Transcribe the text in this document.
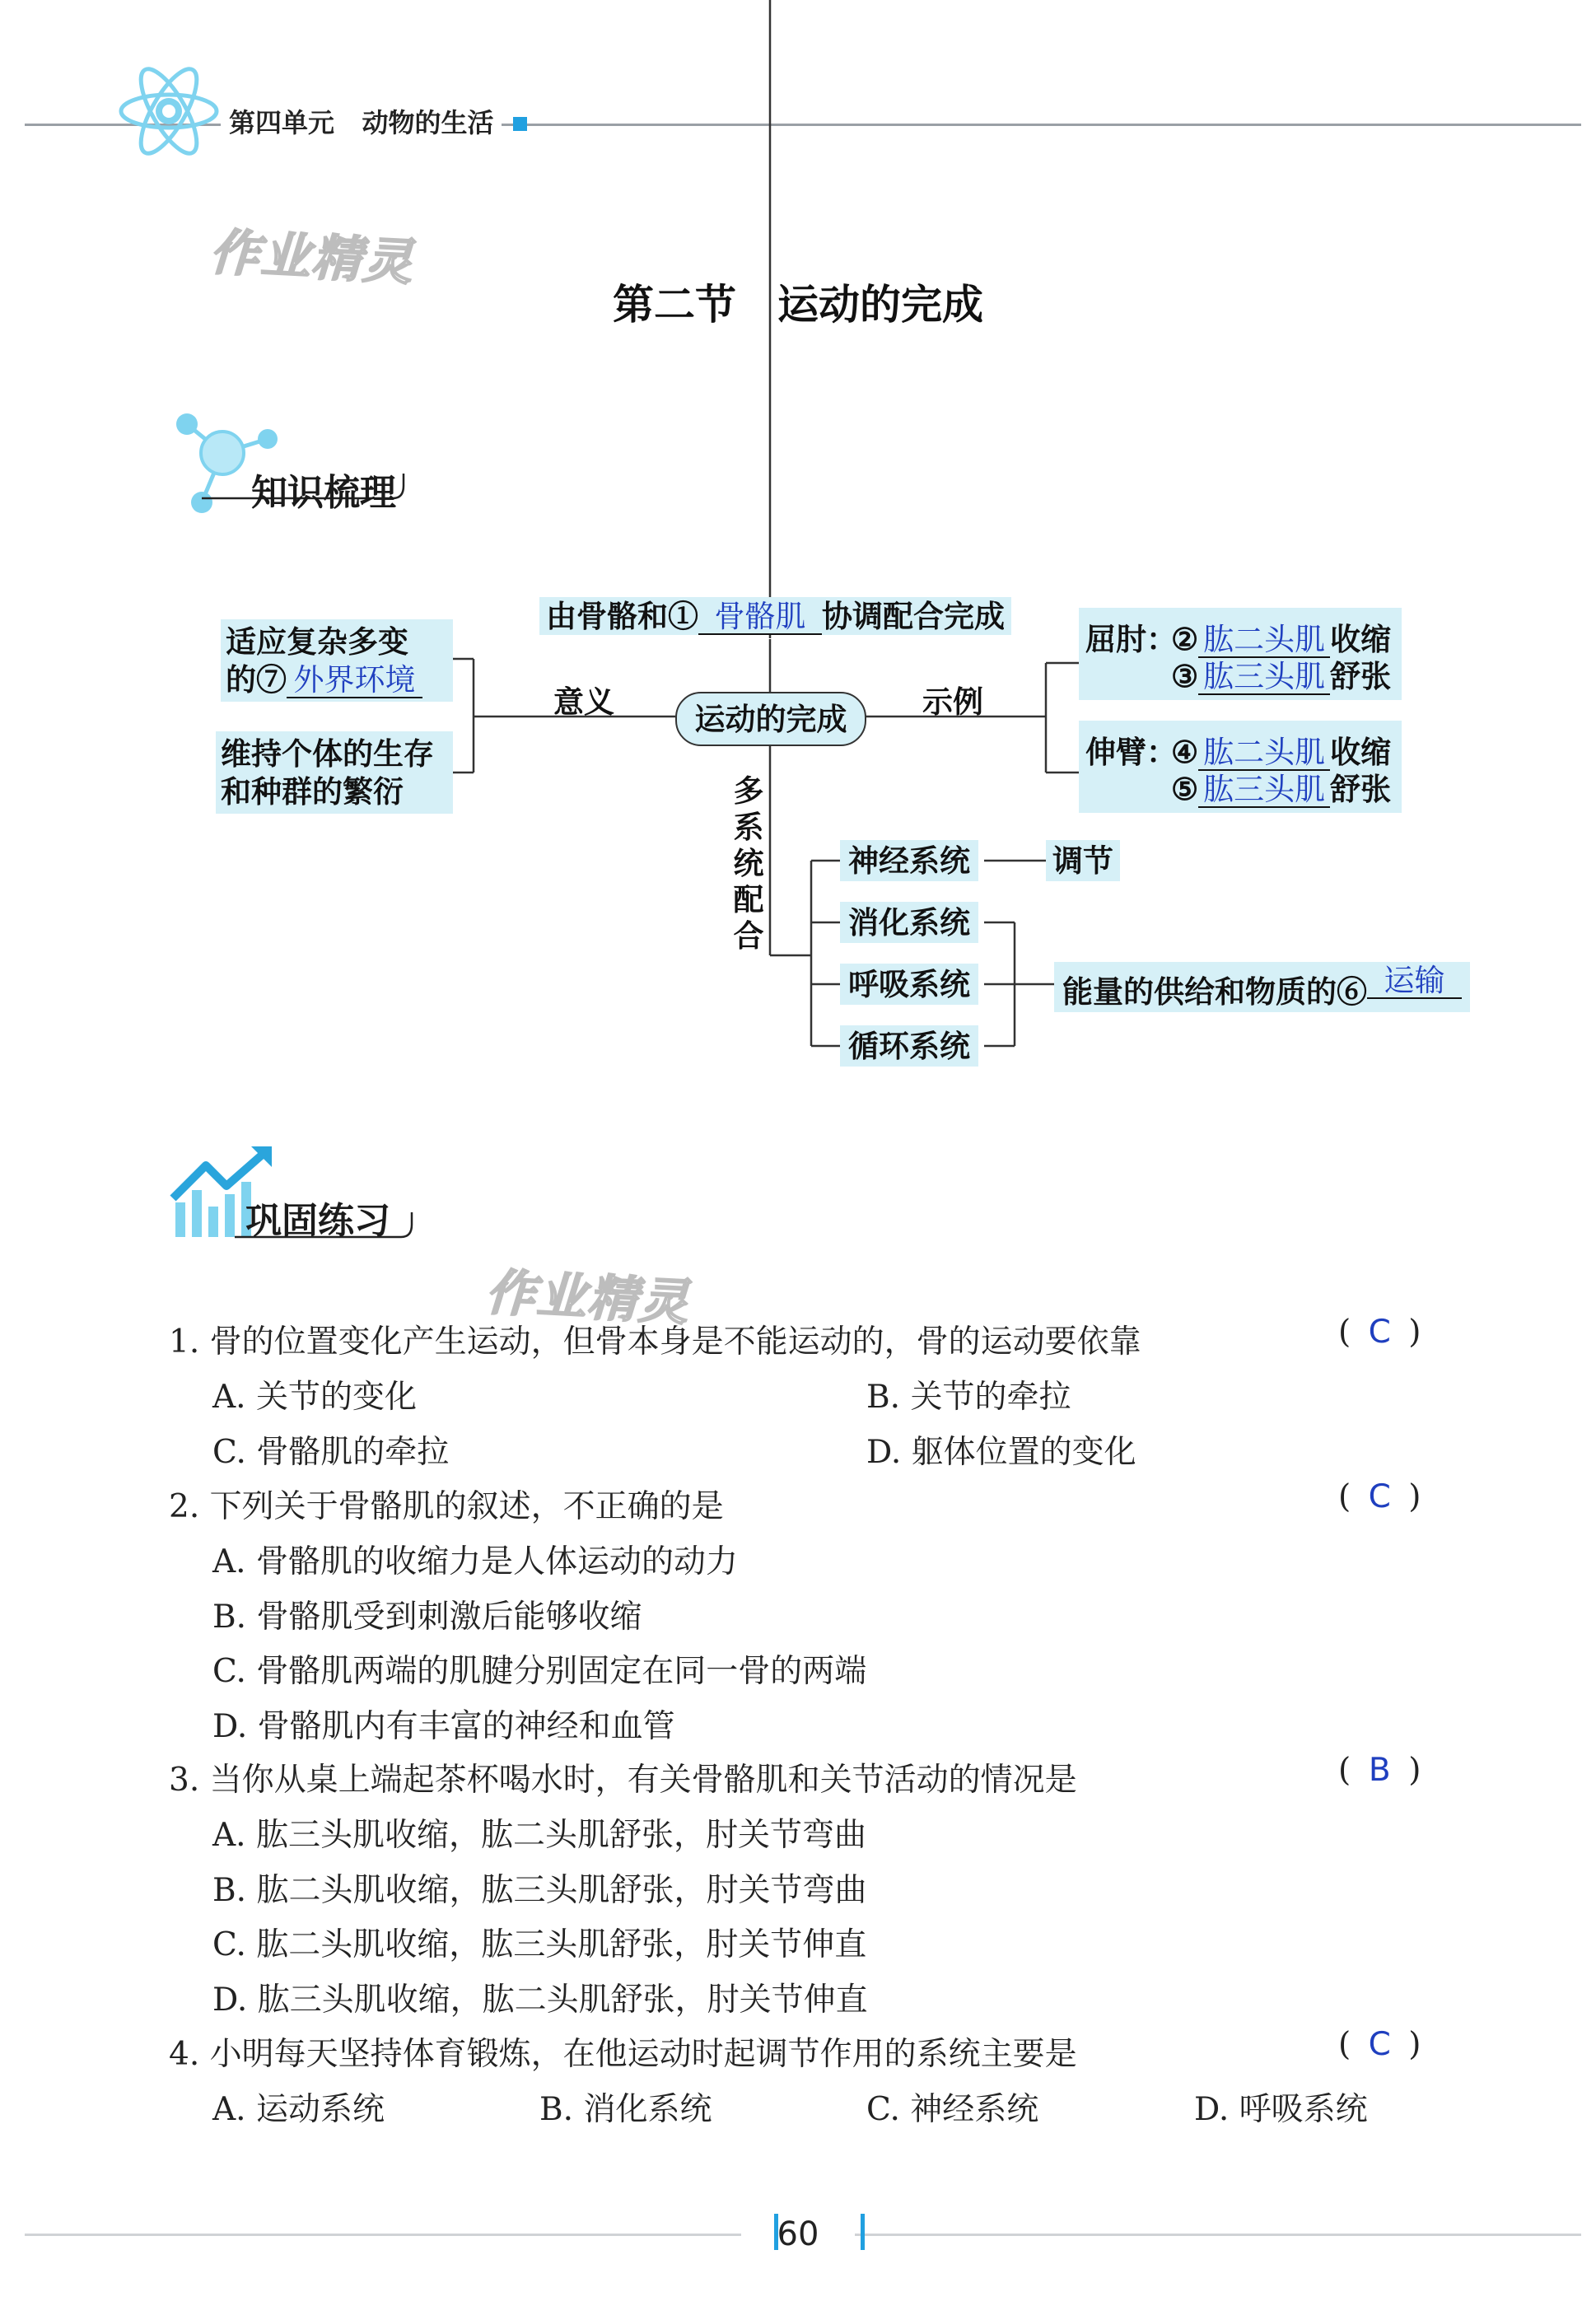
第四单元 动物的生活
作业精灵
作业精灵
第二节　运动的完成
知识梳理
由骨骼和① 骨骼肌 协调配合完成
运动的完成
意义	示例
多系统配合
适应复杂多变
的⑦ 外界环境
维持个体的生存
和种群的繁衍
屈肘：
② 肱二头肌 收缩
③ 肱三头肌 舒张
伸臂：
④ 肱二头肌 收缩
⑤ 肱三头肌 舒张
神经系统	调节
消化系统
呼吸系统
循环系统
能量的供给和物质的⑥ 运输
巩固练习
1. 骨的位置变化产生运动，但骨本身是不能运动的，骨的运动要依靠	( C )
A. 关节的变化	B. 关节的牵拉
C. 骨骼肌的牵拉	D. 躯体位置的变化
2. 下列关于骨骼肌的叙述，不正确的是	( C )
A. 骨骼肌的收缩力是人体运动的动力
B. 骨骼肌受到刺激后能够收缩
C. 骨骼肌两端的肌腱分别固定在同一骨的两端
D. 骨骼肌内有丰富的神经和血管
3. 当你从桌上端起茶杯喝水时，有关骨骼肌和关节活动的情况是	( B )
A. 肱三头肌收缩，肱二头肌舒张，肘关节弯曲
B. 肱二头肌收缩，肱三头肌舒张，肘关节弯曲
C. 肱二头肌收缩，肱三头肌舒张，肘关节伸直
D. 肱三头肌收缩，肱二头肌舒张，肘关节伸直
4. 小明每天坚持体育锻炼，在他运动时起调节作用的系统主要是	( C )
A. 运动系统	B. 消化系统	C. 神经系统	D. 呼吸系统
60
